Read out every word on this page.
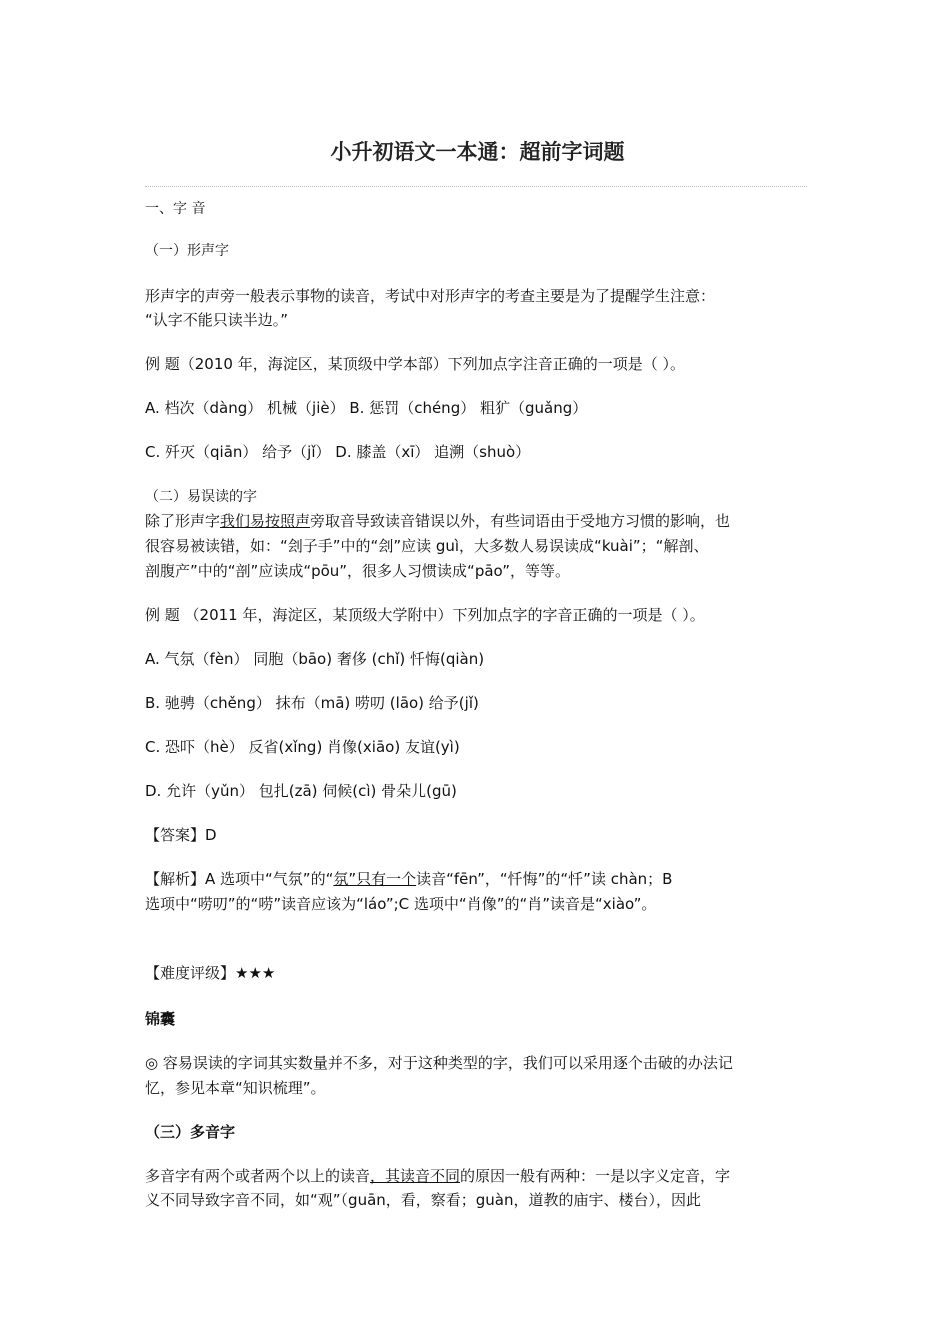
小升初语文一本通：超前字词题
一、字 音
（一）形声字
形声字的声旁一般表示事物的读音，考试中对形声字的考查主要是为了提醒学生注意：
“认字不能只读半边。”
例 题（2010 年，海淀区，某顶级中学本部）下列加点字注音正确的一项是（ ）。
A. 档次（dàng） 机械（jiè） B. 惩罚（chéng） 粗犷（guǎng）
C. 歼灭（qiān） 给予（jǐ） D. 膝盖（xī） 追溯（shuò）
（二）易误读的字
除了形声字我们易按照声旁取音导致读音错误以外，有些词语由于受地方习惯的影响，也
很容易被读错，如：“刽子手”中的“刽”应读 guì，大多数人易误读成“kuài”；“解剖、
剖腹产”中的“剖”应读成“pōu”，很多人习惯读成“pāo”，等等。
例 题 （2011 年，海淀区，某顶级大学附中）下列加点字的字音正确的一项是（ ）。
A. 气氛（fèn） 同胞（bāo) 奢侈 (chǐ) 忏悔(qiàn)
B. 驰骋（chěng） 抹布（mā) 唠叨 (lāo) 给予(jǐ)
C. 恐吓（hè） 反省(xǐng) 肖像(xiāo) 友谊(yì)
D. 允许（yǔn） 包扎(zā) 伺候(cì) 骨朵儿(gū)
【答案】D
【解析】A 选项中“气氛”的“氛”只有一个读音“fēn”，“忏悔”的“忏”读 chàn；B
选项中“唠叨”的“唠”读音应该为“láo”;C 选项中“肖像”的“肖”读音是“xiào”。
【难度评级】★★★
锦囊
◎ 容易误读的字词其实数量并不多，对于这种类型的字，我们可以采用逐个击破的办法记
忆，参见本章“知识梳理”。
（三）多音字
多音字有两个或者两个以上的读音，其读音不同的原因一般有两种：一是以字义定音，字
义不同导致字音不同，如“观”（guān，看，察看；guàn，道教的庙宇、楼台），因此
